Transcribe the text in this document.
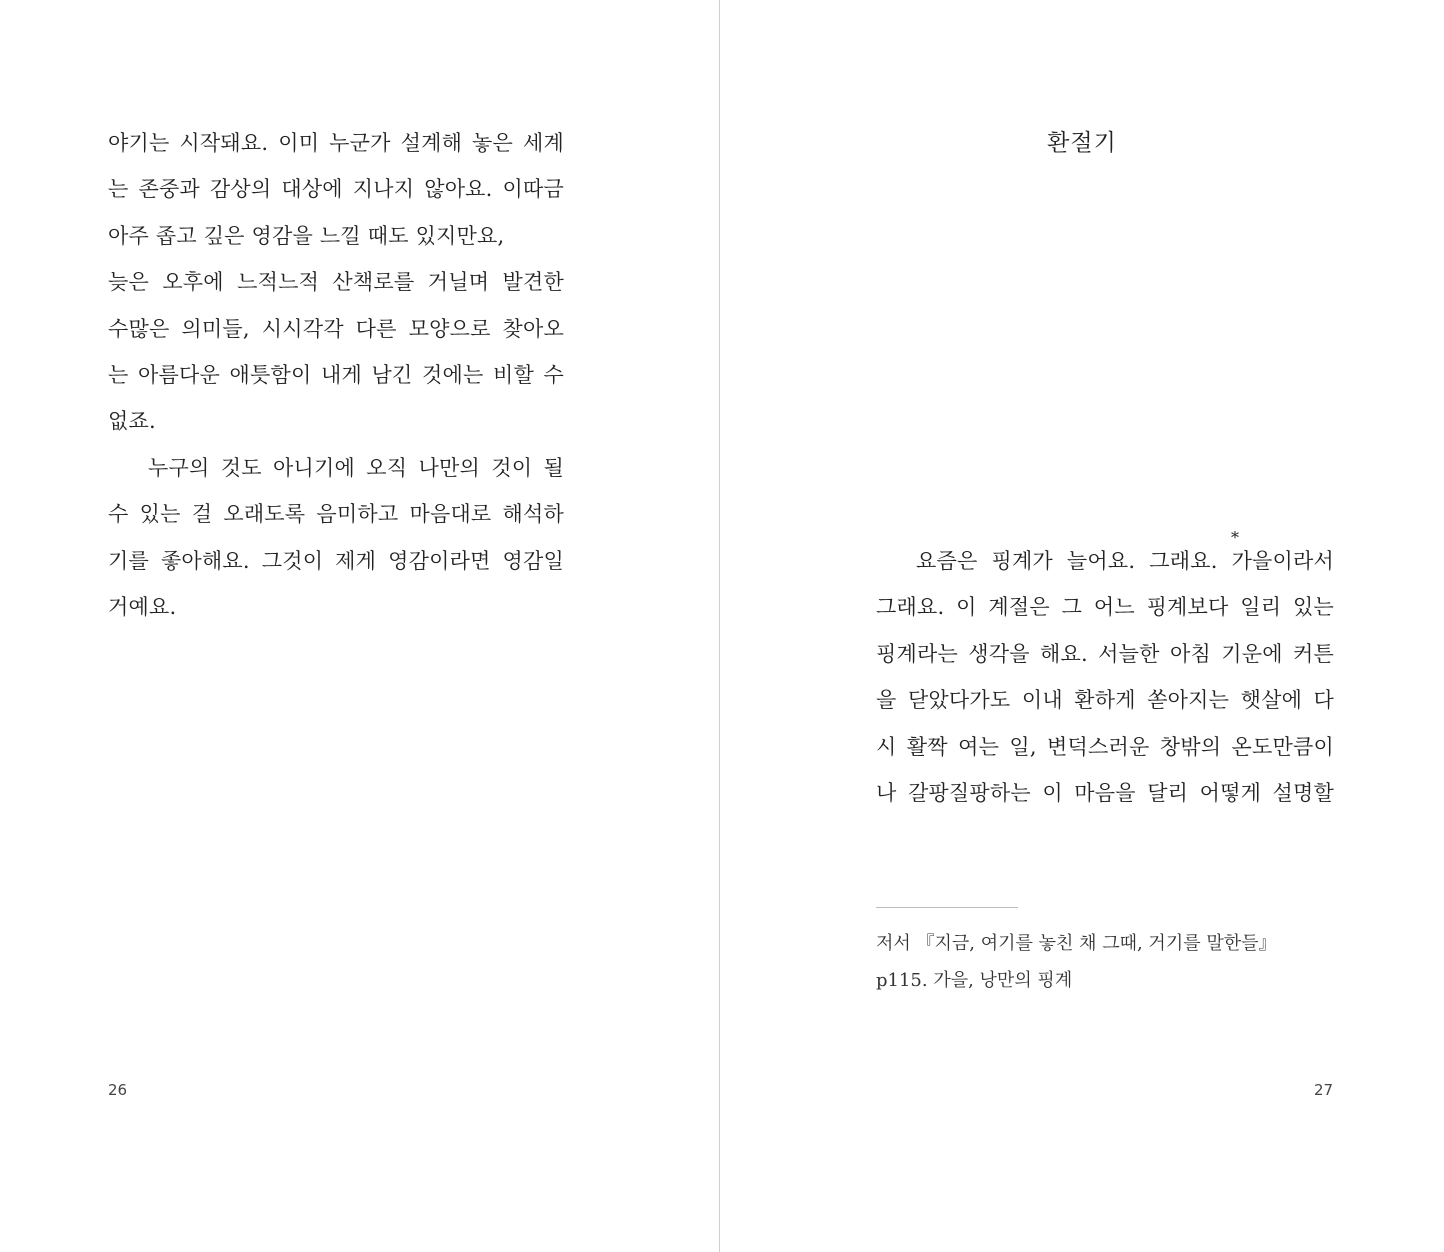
야기는 시작돼요. 이미 누군가 설계해 놓은 세계
는 존중과 감상의 대상에 지나지 않아요. 이따금
아주 좁고 깊은 영감을 느낄 때도 있지만요,
늦은 오후에 느적느적 산책로를 거닐며 발견한
수많은 의미들, 시시각각 다른 모양으로 찾아오
는 아름다운 애틋함이 내게 남긴 것에는 비할 수
없죠.
누구의 것도 아니기에 오직 나만의 것이 될
수 있는 걸 오래도록 음미하고 마음대로 해석하
기를 좋아해요. 그것이 제게 영감이라면 영감일
거예요.
26
환절기
*
요즘은 핑계가 늘어요. 그래요. 가을이라서
그래요. 이 계절은 그 어느 핑계보다 일리 있는
핑계라는 생각을 해요. 서늘한 아침 기운에 커튼
을 닫았다가도 이내 환하게 쏟아지는 햇살에 다
시 활짝 여는 일, 변덕스러운 창밖의 온도만큼이
나 갈팡질팡하는 이 마음을 달리 어떻게 설명할
저서 『지금, 여기를 놓친 채 그때, 거기를 말한들』
p115. 가을, 낭만의 핑계
27
